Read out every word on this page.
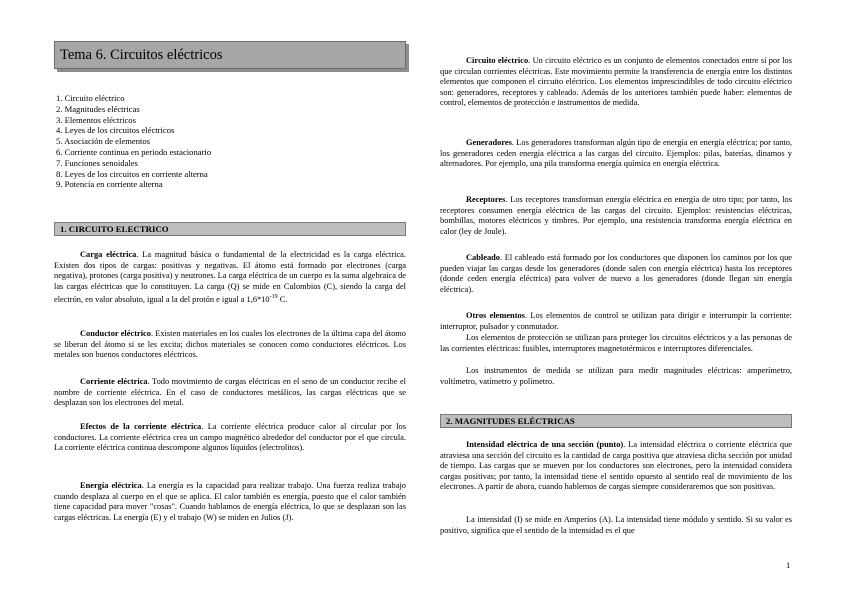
Tema 6. Circuitos eléctricos
1. Circuito eléctrico
2. Magnitudes eléctricas
3. Elementos eléctricos
4. Leyes de los circuitos eléctricos
5. Asociación de elementos
6. Corriente continua en periodo estacionario
7. Funciones senoidales
8. Leyes de los circuitos en corriente alterna
9. Potencia en corriente alterna
1. CIRCUITO ELECTRICO
Carga eléctrica. La magnitud básica o fundamental de la electricidad es la carga eléctrica. Existen dos tipos de cargas: positivas y negativas. El átomo está formado por electrones (carga negativa), protones (carga positiva) y neutrones. La carga eléctrica de un cuerpo es la suma algebraica de las cargas eléctricas que lo constituyen. La carga (Q) se mide en Culombios (C), siendo la carga del electrón, en valor absoluto, igual a la del protón e igual a $1,6*10^{-19}$ C.
Conductor eléctrico. Existen materiales en los cuales los electrones de la última capa del átomo se liberan del átomo si se les excita; dichos materiales se conocen como conductores eléctricos. Los metales son buenos conductores eléctricos.
Corriente eléctrica. Todo movimiento de cargas eléctricas en el seno de un conductor recibe el nombre de corriente eléctrica. En el caso de conductores metálicos, las cargas eléctricas que se desplazan son los electrones del metal.
Efectos de la corriente eléctrica. La corriente eléctrica produce calor al circular por los conductores. La corriente eléctrica crea un campo magnético alrededor del conductor por el que circula. La corriente eléctrica continua descompone algunos líquidos (electrolitos).
Energía eléctrica. La energía es la capacidad para realizar trabajo. Una fuerza realiza trabajo cuando desplaza al cuerpo en el que se aplica. El calor también es energía, puesto que el calor también tiene capacidad para mover "cosas". Cuando hablamos de energía eléctrica, lo que se desplazan son las cargas eléctricas. La energía (E) y el trabajo (W) se miden en Julios (J).
Circuito eléctrico. Un circuito eléctrico es un conjunto de elementos conectados entre sí por los que circulan corrientes eléctricas. Este movimiento permite la transferencia de energía entre los distintos elementos que componen el circuito eléctrico. Los elementos imprescindibles de todo circuito eléctrico son: generadores, receptores y cableado. Además de los anteriores también puede haber: elementos de control, elementos de protección e instrumentos de medida.
Generadores. Los generadores transforman algún tipo de energía en energía eléctrica; por tanto, los generadores ceden energía eléctrica a las cargas del circuito. Ejemplos: pilas, baterías, dinamos y alternadores. Por ejemplo, una pila transforma energía química en energía eléctrica.
Receptores. Los receptores transforman energía eléctrica en energía de otro tipo; por tanto, los receptores consumen energía eléctrica de las cargas del circuito. Ejemplos: resistencias eléctricas, bombillas, motores eléctricos y timbres. Por ejemplo, una resistencia transforma energía eléctrica en calor (ley de Joule).
Cableado. El cableado está formado por los conductores que disponen los caminos por los que pueden viajar las cargas desde los generadores (donde salen con energía eléctrica) hasta los receptores (donde ceden energía eléctrica) para volver de nuevo a los generadores (donde llegan sin energía eléctrica).
Otros elementos. Los elementos de control se utilizan para dirigir e interrumpir la corriente: interruptor, pulsador y conmutador.
Los elementos de protección se utilizan para proteger los circuitos eléctricos y a las personas de las corrientes eléctricas: fusibles, interruptores magnetotérmicos e interruptores diferenciales.
Los instrumentos de medida se utilizan para medir magnitudes eléctricas: amperímetro, voltímetro, vatímetro y polímetro.
2. MAGNITUDES ELÉCTRICAS
Intensidad eléctrica de una sección (punto). La intensidad eléctrica o corriente eléctrica que atraviesa una sección del circuito es la cantidad de carga positiva que atraviesa dicha sección por unidad de tiempo. Las cargas que se mueven por los conductores son electrones, pero la intensidad considera cargas positivas; por tanto, la intensidad tiene el sentido opuesto al sentido real de movimiento de los electrones. A partir de ahora, cuando hablemos de cargas siempre consideraremos que son positivas.
La intensidad (I) se mide en Amperios (A). La intensidad tiene módulo y sentido. Si su valor es positivo, significa que el sentido de la intensidad es el que
1
